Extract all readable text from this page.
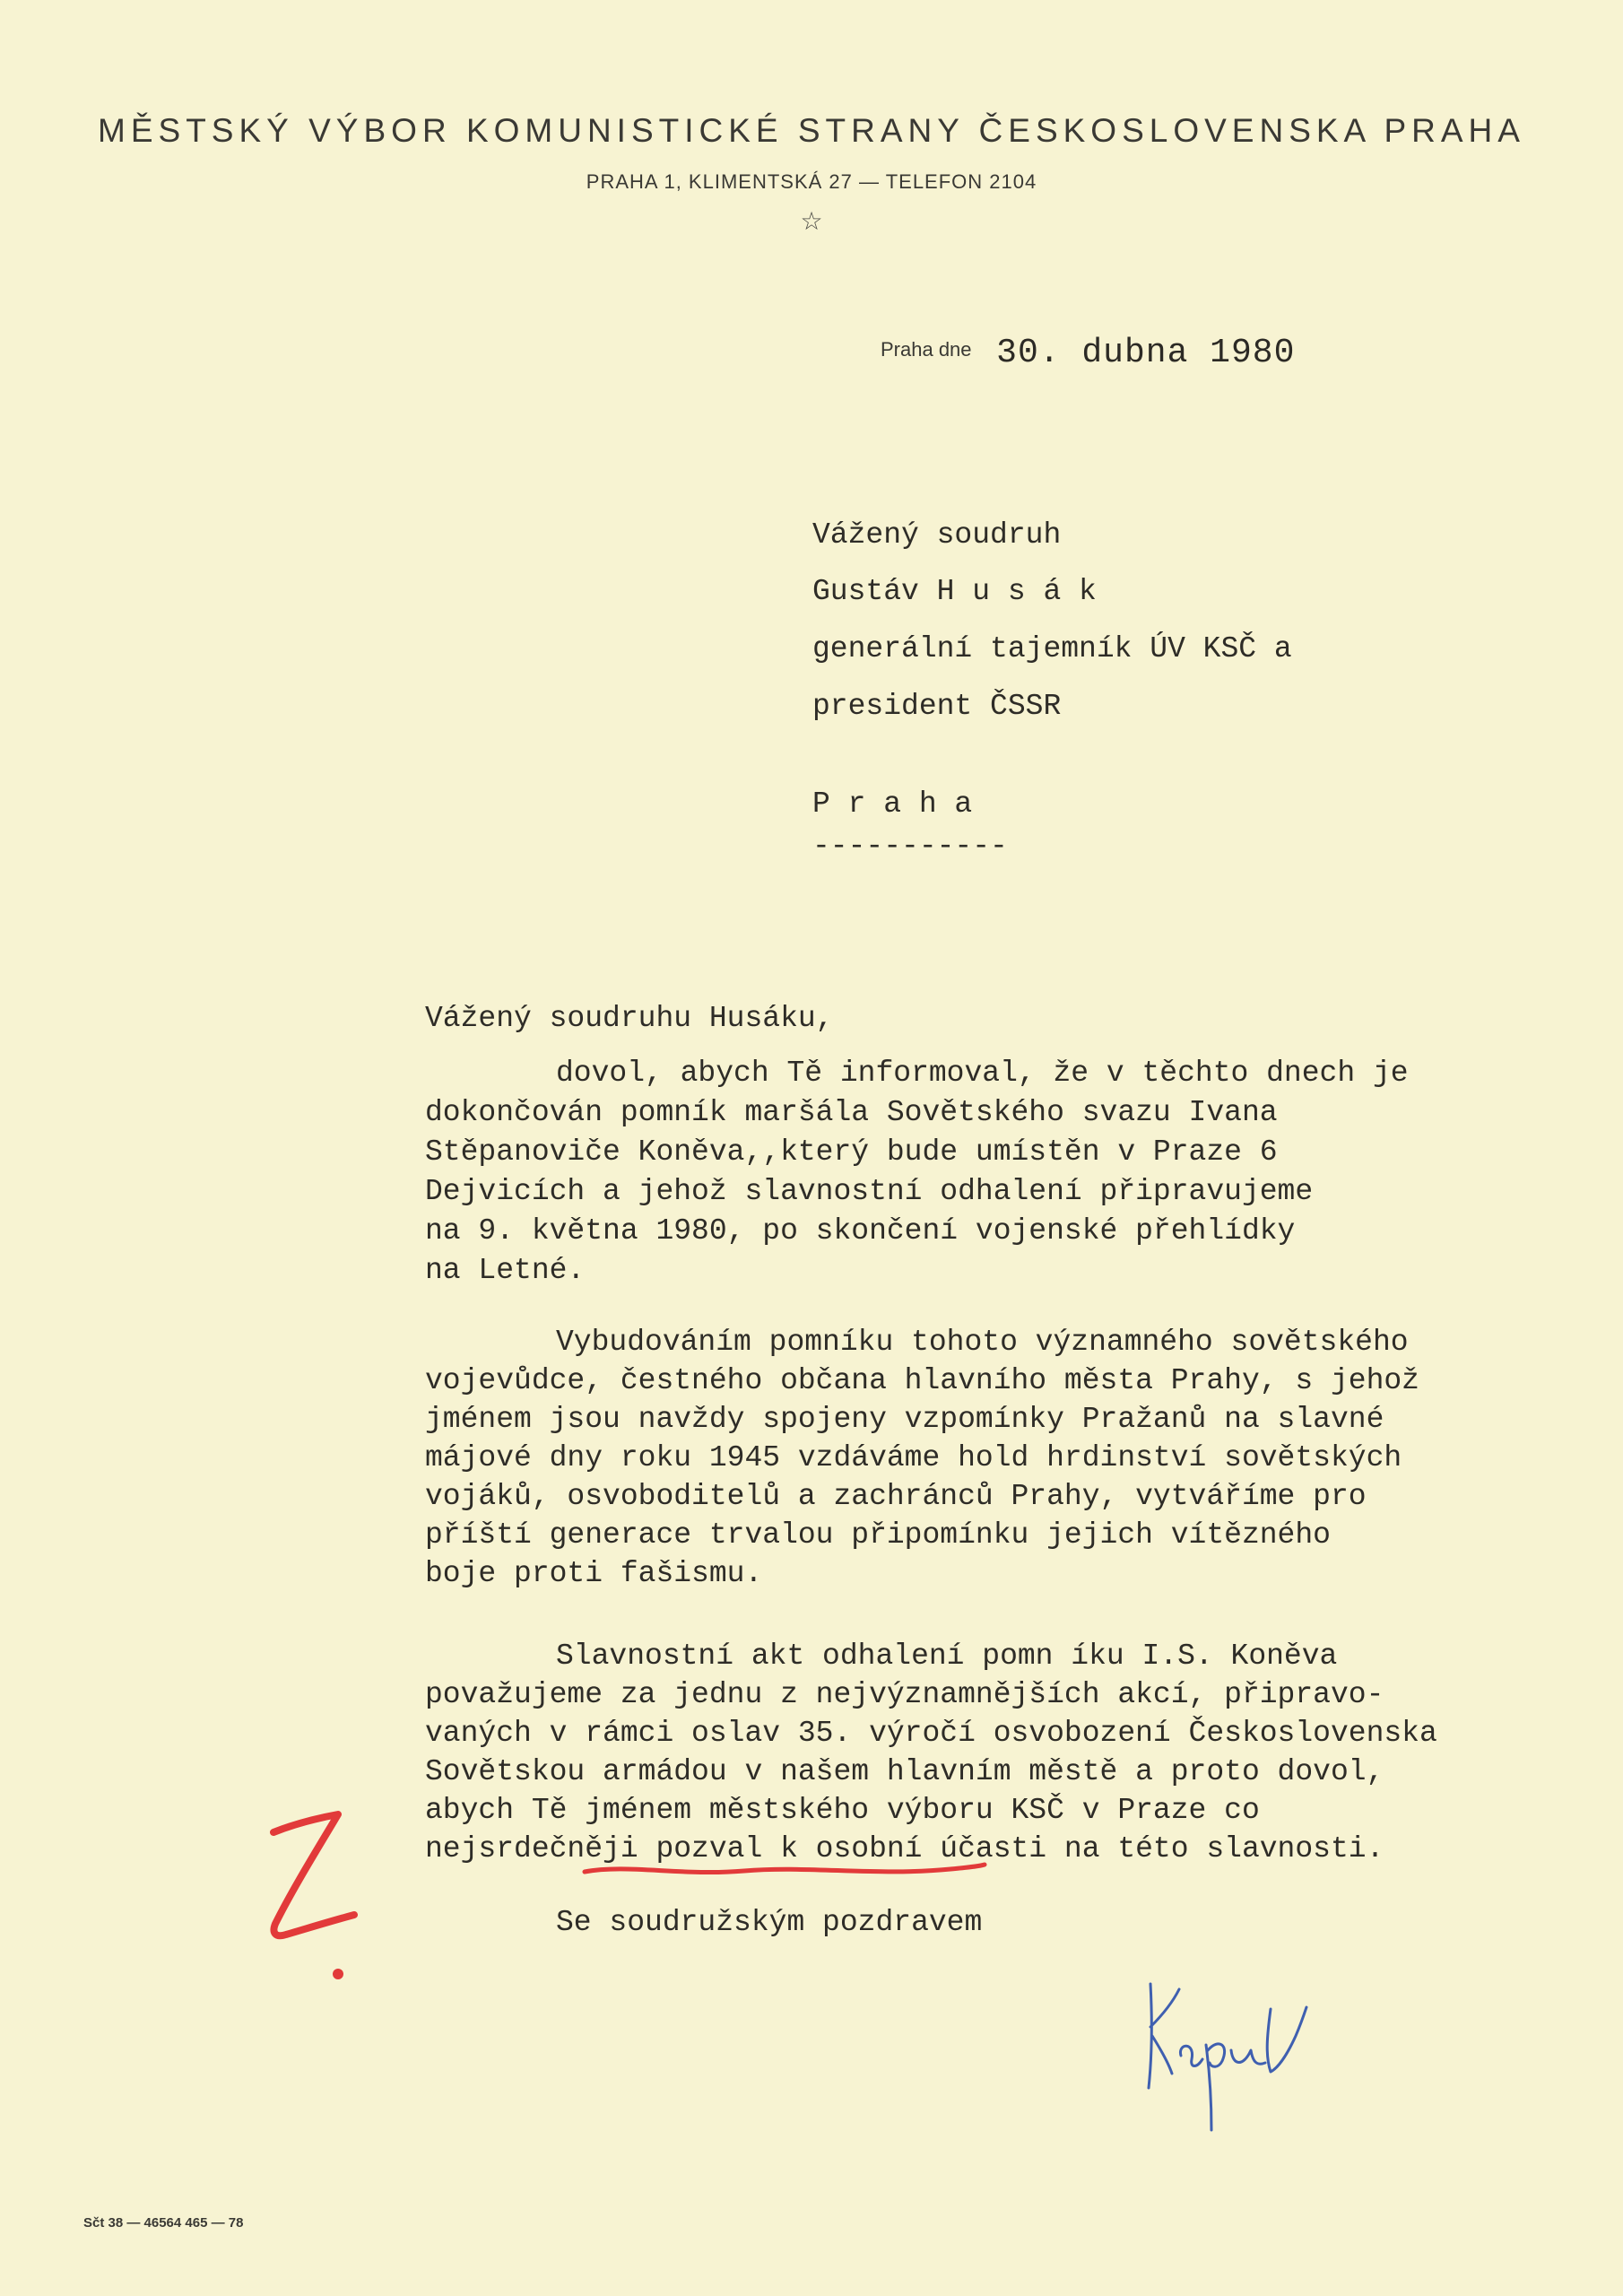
MĚSTSKÝ VÝBOR KOMUNISTICKÉ STRANY ČESKOSLOVENSKA PRAHA
PRAHA 1, KLIMENTSKÁ 27 — TELEFON 2104
☆
Praha dne 30. dubna 1980
Vážený soudruh
Gustáv H u s á k
generální tajemník ÚV KSČ a
president ČSSR
P r a h a
-----------
Vážený soudruhu Husáku,
dovol, abych Tě informoval, že v těchto dnech je
dokončován pomník maršála Sovětského svazu Ivana
Stěpanoviče Koněva,,který bude umístěn v Praze 6
Dejvicích a jehož slavnostní odhalení připravujeme
na 9. května 1980, po skončení vojenské přehlídky
na Letné.
Vybudováním pomníku tohoto významného sovětského
vojevůdce, čestného občana hlavního města Prahy, s jehož
jménem jsou navždy spojeny vzpomínky Pražanů na slavné
májové dny roku 1945 vzdáváme hold hrdinství sovětských
vojáků, osvoboditelů a zachránců Prahy, vytváříme pro
příští generace trvalou připomínku jejich vítězného
boje proti fašismu.
Slavnostní akt odhalení pomn íku I.S. Koněva
považujeme za jednu z nejvýznamnějších akcí, připravo-
vaných v rámci oslav 35. výročí osvobození Československa
Sovětskou armádou v našem hlavním městě a proto dovol,
abych Tě jménem městského výboru KSČ v Praze co
nejsrdečněji pozval k osobní účasti na této slavnosti.
Se soudružským pozdravem
Sčt 38 — 46564 465 — 78
